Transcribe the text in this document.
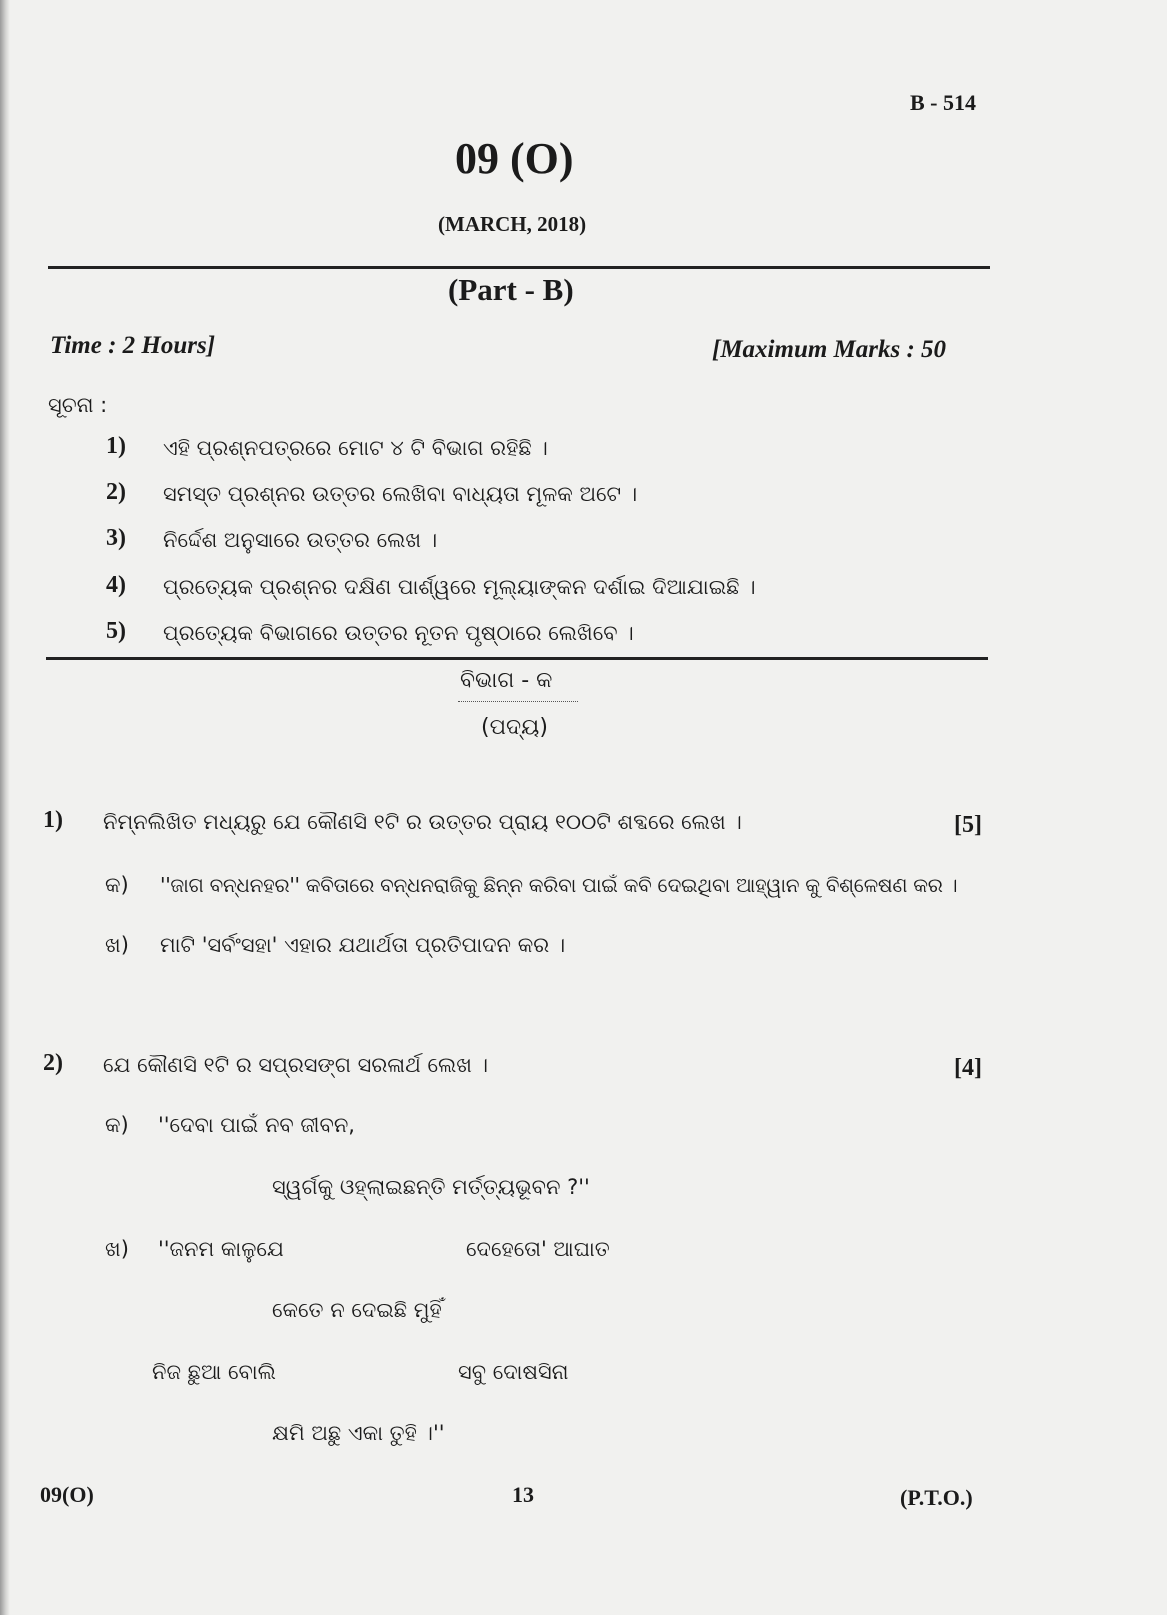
B - 514
09 (O)
(MARCH, 2018)
(Part - B)
Time : 2 Hours]	[Maximum Marks : 50
ସୂଚନା :
1) ଏହି ପ୍ରଶ୍ନପତ୍ରରେ ମୋଟ ୪ ଟି ବିଭାଗ ରହିଛି ।
2) ସମସ୍ତ ପ୍ରଶ୍ନର ଉତ୍ତର ଲେଖିବା ବାଧ୍ୟତା ମୂଳକ ଅଟେ ।
3) ନିର୍ଦ୍ଦେଶ ଅନୁସାରେ ଉତ୍ତର ଲେଖ ।
4) ପ୍ରତ୍ୟେକ ପ୍ରଶ୍ନର ଦକ୍ଷିଣ ପାର୍ଶ୍ୱରେ ମୂଲ୍ୟାଙ୍କନ ଦର୍ଶାଇ ଦିଆଯାଇଛି ।
5) ପ୍ରତ୍ୟେକ ବିଭାଗରେ ଉତ୍ତର ନୂତନ ପୃଷ୍ଠାରେ ଲେଖିବେ ।
ବିଭାଗ - କ
(ପଦ୍ୟ)
1) ନିମ୍ନଲିଖିତ ମଧ୍ୟରୁ ଯେ କୌଣସି ୧ଟି ର ଉତ୍ତର ପ୍ରାୟ ୧୦୦ଟି ଶବ୍ଦରେ ଲେଖ ।	[5]
କ) ''ଜାଗ ବନ୍ଧନହର'' କବିତାରେ ବନ୍ଧନରାଜିକୁ ଛିନ୍ନ କରିବା ପାଇଁ କବି ଦେଇଥିବା ଆହ୍ୱାନ କୁ ବିଶ୍ଳେଷଣ କର ।
ଖ) ମାଟି 'ସର୍ବଂସହା' ଏହାର ଯଥାର୍ଥତା ପ୍ରତିପାଦନ କର ।
2) ଯେ କୌଣସି ୧ଟି ର ସପ୍ରସଙ୍ଗ ସରଳାର୍ଥ ଲେଖ ।	[4]
କ) ''ଦେବା ପାଇଁ ନବ ଜୀବନ,
ସ୍ୱର୍ଗକୁ ଓହ୍ଲାଇଛନ୍ତି ମର୍ତ୍ତ୍ୟଭୂବନ ?''
ଖ) ''ଜନମ କାଳୁଯେ	ଦେହେତୋ' ଆଘାତ
କେତେ ନ ଦେଇଛି ମୁହିଁ
ନିଜ ଛୁଆ ବୋଲି	ସବୁ ଦୋଷସିନା
କ୍ଷମି ଅଛୁ ଏକା ତୁହି ।''
09(O)	13	(P.T.O.)
